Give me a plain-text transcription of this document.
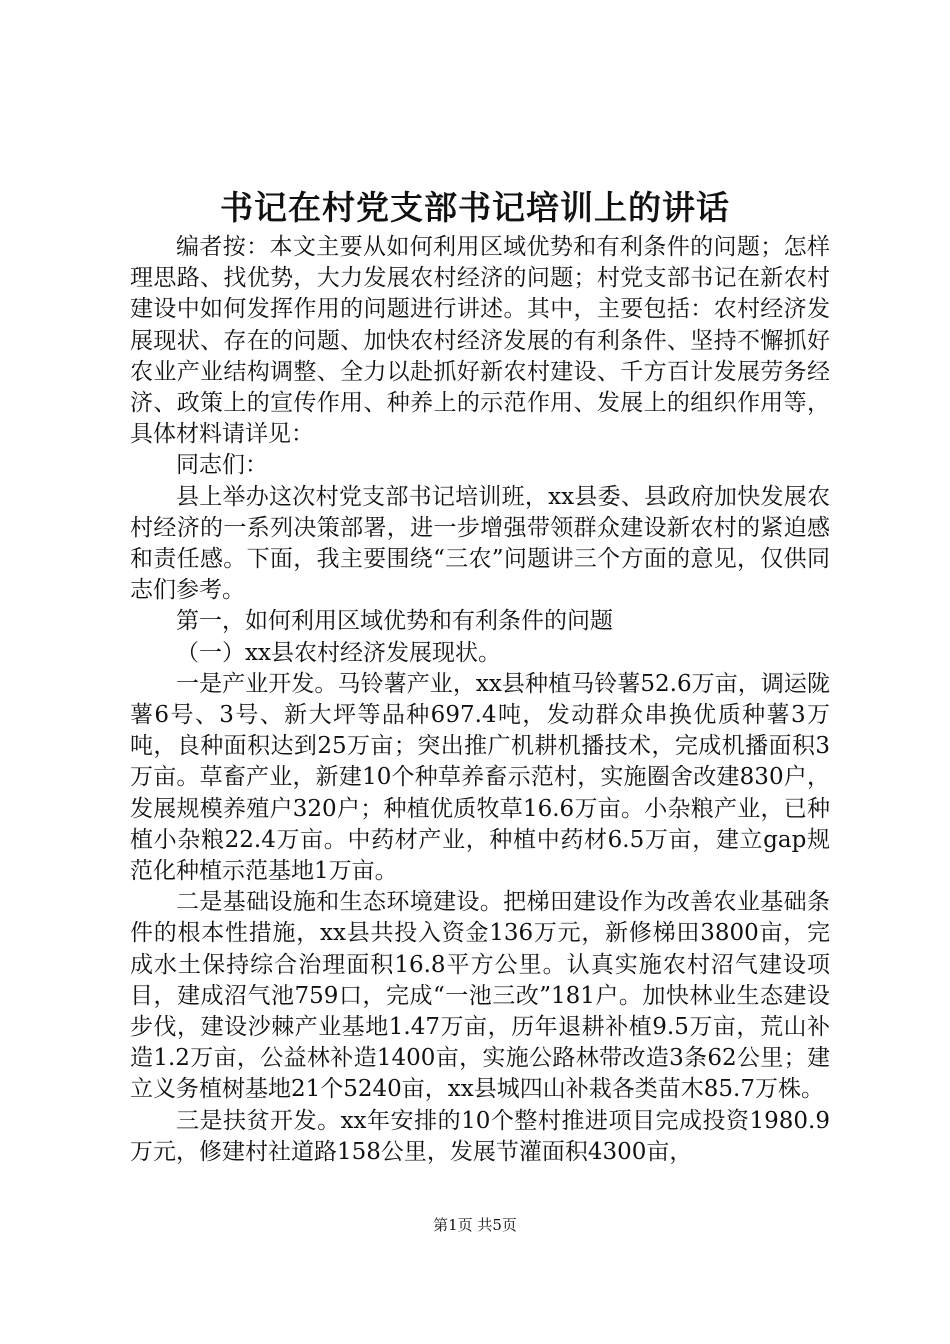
书记在村党支部书记培训上的讲话

编者按：本文主要从如何利用区域优势和有利条件的问题；怎样理思路、找优势，大力发展农村经济的问题；村党支部书记在新农村建设中如何发挥作用的问题进行讲述。其中，主要包括：农村经济发展现状、存在的问题、加快农村经济发展的有利条件、坚持不懈抓好农业产业结构调整、全力以赴抓好新农村建设、千方百计发展劳务经济、政策上的宣传作用、种养上的示范作用、发展上的组织作用等，具体材料请详见：

同志们：

县上举办这次村党支部书记培训班，xx县委、县政府加快发展农村经济的一系列决策部署，进一步增强带领群众建设新农村的紧迫感和责任感。下面，我主要围绕“三农”问题讲三个方面的意见，仅供同志们参考。

第一，如何利用区域优势和有利条件的问题

（一）xx县农村经济发展现状。

一是产业开发。马铃薯产业，xx县种植马铃薯52.6万亩，调运陇薯6号、3号、新大坪等品种697.4吨，发动群众串换优质种薯3万吨，良种面积达到25万亩；突出推广机耕机播技术，完成机播面积3万亩。草畜产业，新建10个种草养畜示范村，实施圈舍改建830户，发展规模养殖户320户；种植优质牧草16.6万亩。小杂粮产业，已种植小杂粮22.4万亩。中药材产业，种植中药材6.5万亩，建立gap规范化种植示范基地1万亩。

二是基础设施和生态环境建设。把梯田建设作为改善农业基础条件的根本性措施，xx县共投入资金136万元，新修梯田3800亩，完成水土保持综合治理面积16.8平方公里。认真实施农村沼气建设项目，建成沼气池759口，完成“一池三改”181户。加快林业生态建设步伐，建设沙棘产业基地1.47万亩，历年退耕补植9.5万亩，荒山补造1.2万亩，公益林补造1400亩，实施公路林带改造3条62公里；建立义务植树基地21个5240亩，xx县城四山补栽各类苗木85.7万株。

三是扶贫开发。xx年安排的10个整村推进项目完成投资1980.9万元，修建村社道路158公里，发展节灌面积4300亩，

第1页 共5页
